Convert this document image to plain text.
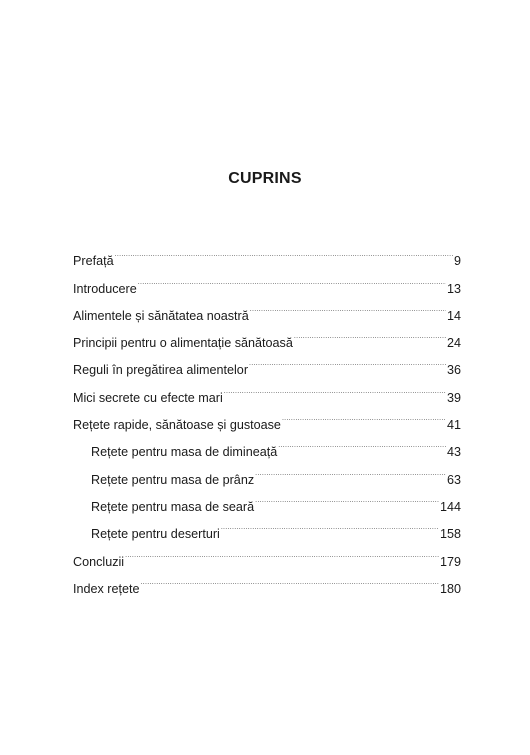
CUPRINS
Prefață .....	9
Introducere .....	13
Alimentele și sănătatea noastră .....	14
Principii pentru o alimentație sănătoasă .....	24
Reguli în pregătirea alimentelor .....	36
Mici secrete cu efecte mari .....	39
Rețete rapide, sănătoase și gustoase .....	41
Rețete pentru masa de dimineață .....	43
Rețete pentru masa de prânz .....	63
Rețete pentru masa de seară .....	144
Rețete pentru deserturi .....	158
Concluzii .....	179
Index rețete .....	180
